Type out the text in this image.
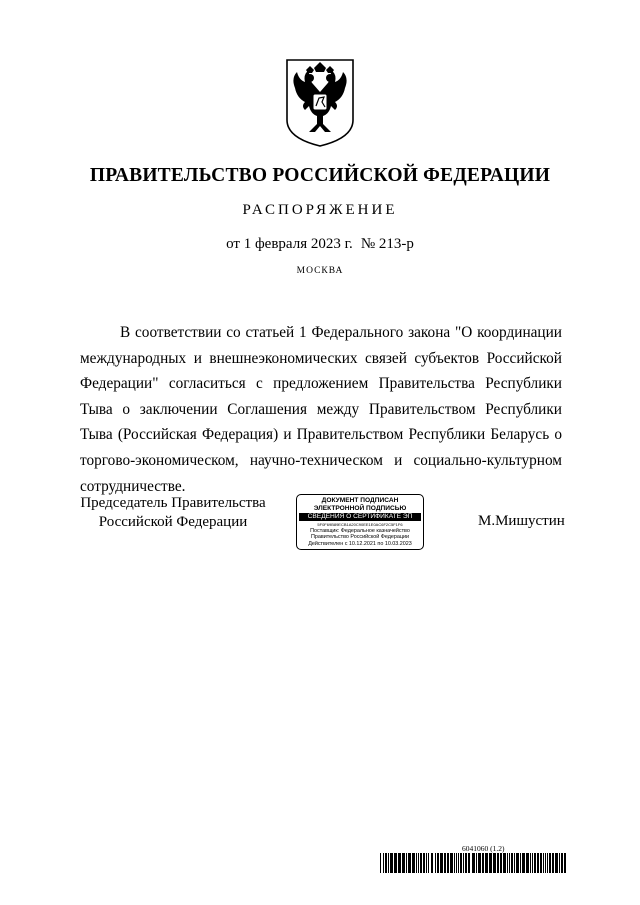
ПРАВИТЕЛЬСТВО РОССИЙСКОЙ ФЕДЕРАЦИИ
РАСПОРЯЖЕНИЕ
от 1 февраля 2023 г. № 213-р
МОСКВА

В соответствии со статьей 1 Федерального закона "О координации международных и внешнеэкономических связей субъектов Российской Федерации" согласиться с предложением Правительства Республики Тыва о заключении Соглашения между Правительством Республики Тыва (Российская Федерация) и Правительством Республики Беларусь о торгово-экономическом, научно-техническом и социально-культурном сотрудничестве.

Председатель Правительства
Российской Федерации
ДОКУМЕНТ ПОДПИСАН
ЭЛЕКТРОННОЙ ПОДПИСЬЮ
СВЕДЕНИЯ О СЕРТИФИКАТЕ ЭП
5F0F69B89ECB1A20C90EE1E0AC6F2C5F1F6
Поставщик: Федеральное казначейство
Правительство Российской Федерации
Действителен с 10.12.2021 по 10.03.2023
М.Мишустин
6041060 (1.2)
